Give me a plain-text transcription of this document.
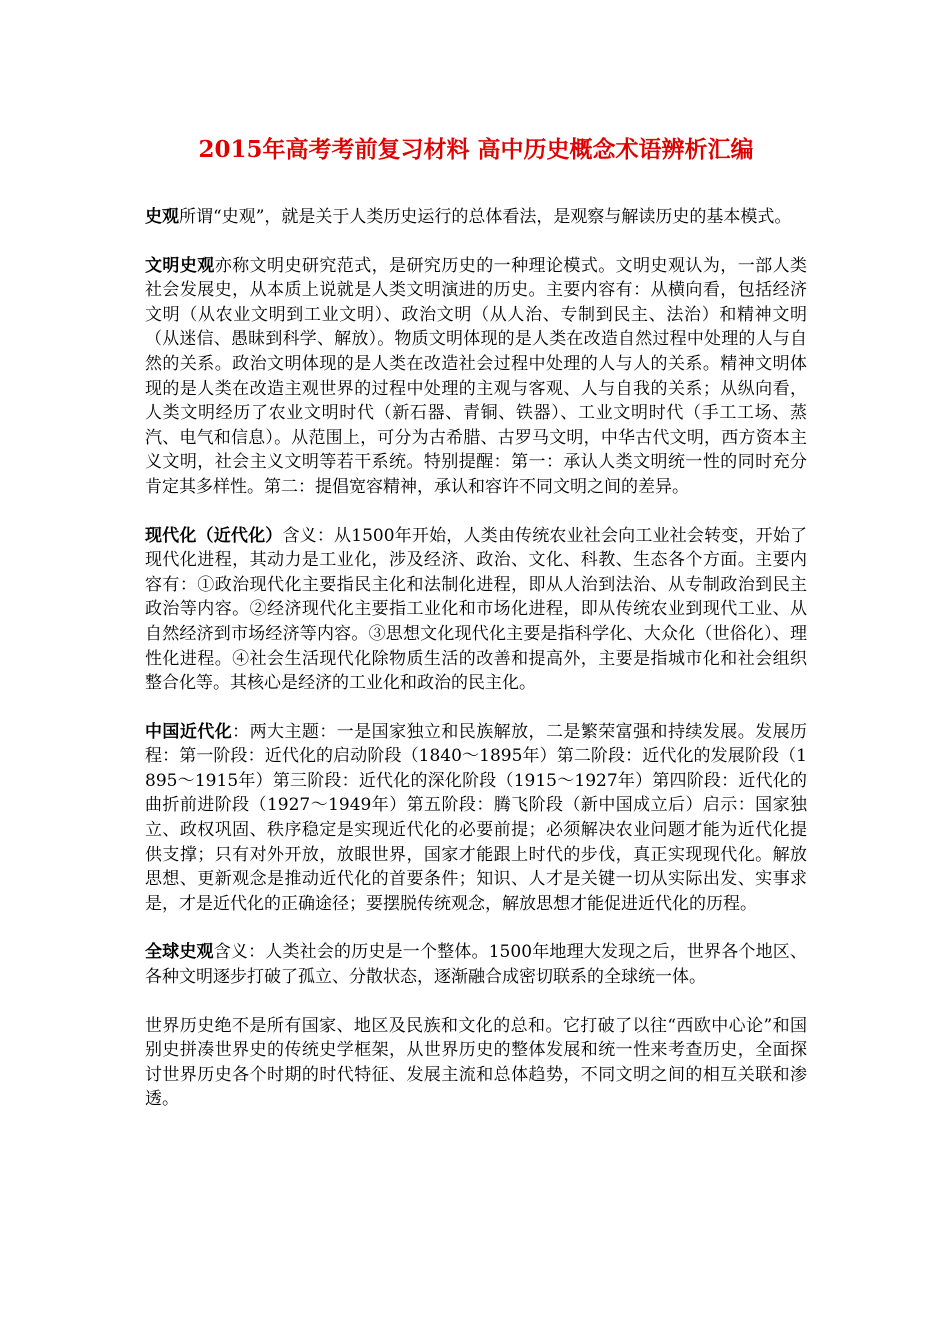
2015年高考考前复习材料 高中历史概念术语辨析汇编

史观所谓“史观”，就是关于人类历史运行的总体看法，是观察与解读历史的基本模式。

文明史观亦称文明史研究范式，是研究历史的一种理论模式。文明史观认为，一部人类社会发展史，从本质上说就是人类文明演进的历史。主要内容有：从横向看，包括经济文明（从农业文明到工业文明）、政治文明（从人治、专制到民主、法治）和精神文明（从迷信、愚昧到科学、解放）。物质文明体现的是人类在改造自然过程中处理的人与自然的关系。政治文明体现的是人类在改造社会过程中处理的人与人的关系。精神文明体现的是人类在改造主观世界的过程中处理的主观与客观、人与自我的关系；从纵向看，人类文明经历了农业文明时代（新石器、青铜、铁器）、工业文明时代（手工工场、蒸汽、电气和信息）。从范围上，可分为古希腊、古罗马文明，中华古代文明，西方资本主义文明，社会主义文明等若干系统。特别提醒：第一：承认人类文明统一性的同时充分肯定其多样性。第二：提倡宽容精神，承认和容许不同文明之间的差异。

现代化（近代化）含义：从1500年开始，人类由传统农业社会向工业社会转变，开始了现代化进程，其动力是工业化，涉及经济、政治、文化、科教、生态各个方面。主要内容有：①政治现代化主要指民主化和法制化进程，即从人治到法治、从专制政治到民主政治等内容。②经济现代化主要指工业化和市场化进程，即从传统农业到现代工业、从自然经济到市场经济等内容。③思想文化现代化主要是指科学化、大众化（世俗化）、理性化进程。④社会生活现代化除物质生活的改善和提高外，主要是指城市化和社会组织整合化等。其核心是经济的工业化和政治的民主化。

中国近代化：两大主题：一是国家独立和民族解放，二是繁荣富强和持续发展。发展历程：第一阶段：近代化的启动阶段（1840～1895年）第二阶段：近代化的发展阶段（1895～1915年）第三阶段：近代化的深化阶段（1915～1927年）第四阶段：近代化的曲折前进阶段（1927～1949年）第五阶段：腾飞阶段（新中国成立后）启示：国家独立、政权巩固、秩序稳定是实现近代化的必要前提；必须解决农业问题才能为近代化提供支撑；只有对外开放，放眼世界，国家才能跟上时代的步伐，真正实现现代化。解放思想、更新观念是推动近代化的首要条件；知识、人才是关键一切从实际出发、实事求是，才是近代化的正确途径；要摆脱传统观念，解放思想才能促进近代化的历程。

全球史观含义：人类社会的历史是一个整体。1500年地理大发现之后，世界各个地区、各种文明逐步打破了孤立、分散状态，逐渐融合成密切联系的全球统一体。

世界历史绝不是所有国家、地区及民族和文化的总和。它打破了以往“西欧中心论”和国别史拼凑世界史的传统史学框架，从世界历史的整体发展和统一性来考查历史，全面探讨世界历史各个时期的时代特征、发展主流和总体趋势，不同文明之间的相互关联和渗透。
